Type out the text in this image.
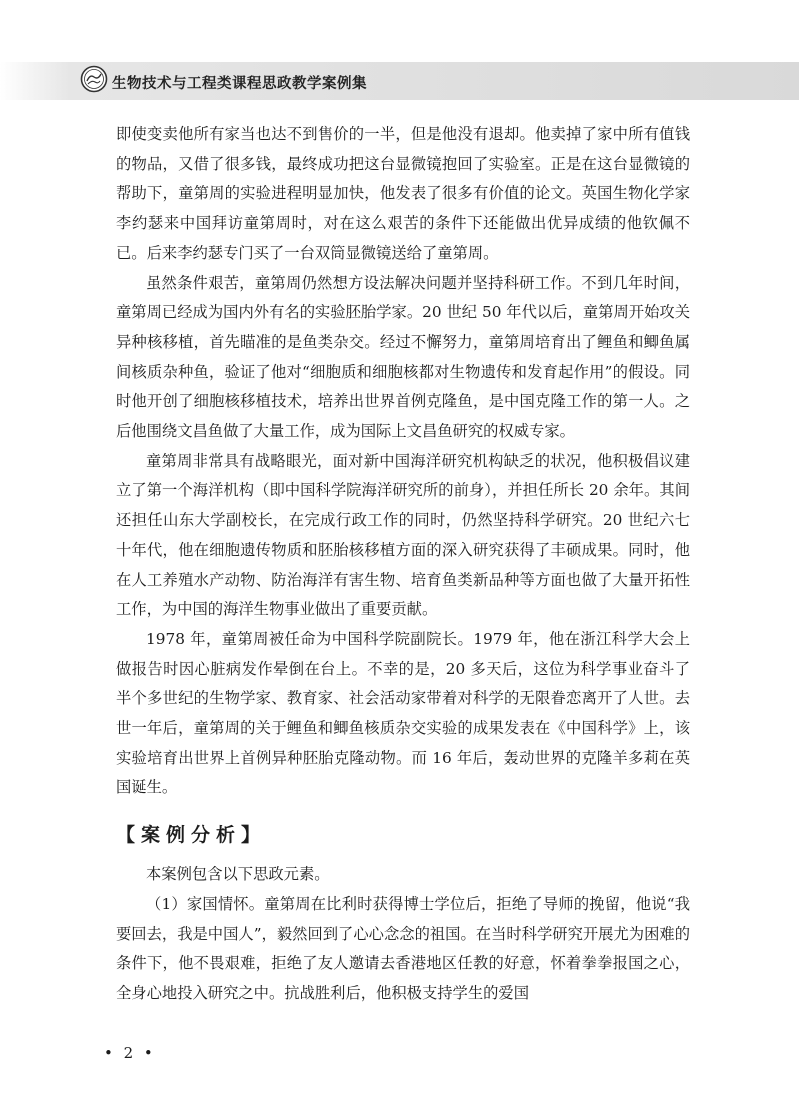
生物技术与工程类课程思政教学案例集

即使变卖他所有家当也达不到售价的一半，但是他没有退却。他卖掉了家中所有值钱的物品，又借了很多钱，最终成功把这台显微镜抱回了实验室。正是在这台显微镜的帮助下，童第周的实验进程明显加快，他发表了很多有价值的论文。英国生物化学家李约瑟来中国拜访童第周时，对在这么艰苦的条件下还能做出优异成绩的他钦佩不已。后来李约瑟专门买了一台双筒显微镜送给了童第周。

虽然条件艰苦，童第周仍然想方设法解决问题并坚持科研工作。不到几年时间，童第周已经成为国内外有名的实验胚胎学家。20 世纪 50 年代以后，童第周开始攻关异种核移植，首先瞄准的是鱼类杂交。经过不懈努力，童第周培育出了鲤鱼和鲫鱼属间核质杂种鱼，验证了他对“细胞质和细胞核都对生物遗传和发育起作用”的假设。同时他开创了细胞核移植技术，培养出世界首例克隆鱼，是中国克隆工作的第一人。之后他围绕文昌鱼做了大量工作，成为国际上文昌鱼研究的权威专家。

童第周非常具有战略眼光，面对新中国海洋研究机构缺乏的状况，他积极倡议建立了第一个海洋机构（即中国科学院海洋研究所的前身），并担任所长 20 余年。其间还担任山东大学副校长，在完成行政工作的同时，仍然坚持科学研究。20 世纪六七十年代，他在细胞遗传物质和胚胎核移植方面的深入研究获得了丰硕成果。同时，他在人工养殖水产动物、防治海洋有害生物、培育鱼类新品种等方面也做了大量开拓性工作，为中国的海洋生物事业做出了重要贡献。

1978 年，童第周被任命为中国科学院副院长。1979 年，他在浙江科学大会上做报告时因心脏病发作晕倒在台上。不幸的是，20 多天后，这位为科学事业奋斗了半个多世纪的生物学家、教育家、社会活动家带着对科学的无限眷恋离开了人世。去世一年后，童第周的关于鲤鱼和鲫鱼核质杂交实验的成果发表在《中国科学》上，该实验培育出世界上首例异种胚胎克隆动物。而 16 年后，轰动世界的克隆羊多莉在英国诞生。

【案例分析】

本案例包含以下思政元素。

（1）家国情怀。童第周在比利时获得博士学位后，拒绝了导师的挽留，他说“我要回去，我是中国人”，毅然回到了心心念念的祖国。在当时科学研究开展尤为困难的条件下，他不畏艰难，拒绝了友人邀请去香港地区任教的好意，怀着拳拳报国之心，全身心地投入研究之中。抗战胜利后，他积极支持学生的爱国

• 2 •
